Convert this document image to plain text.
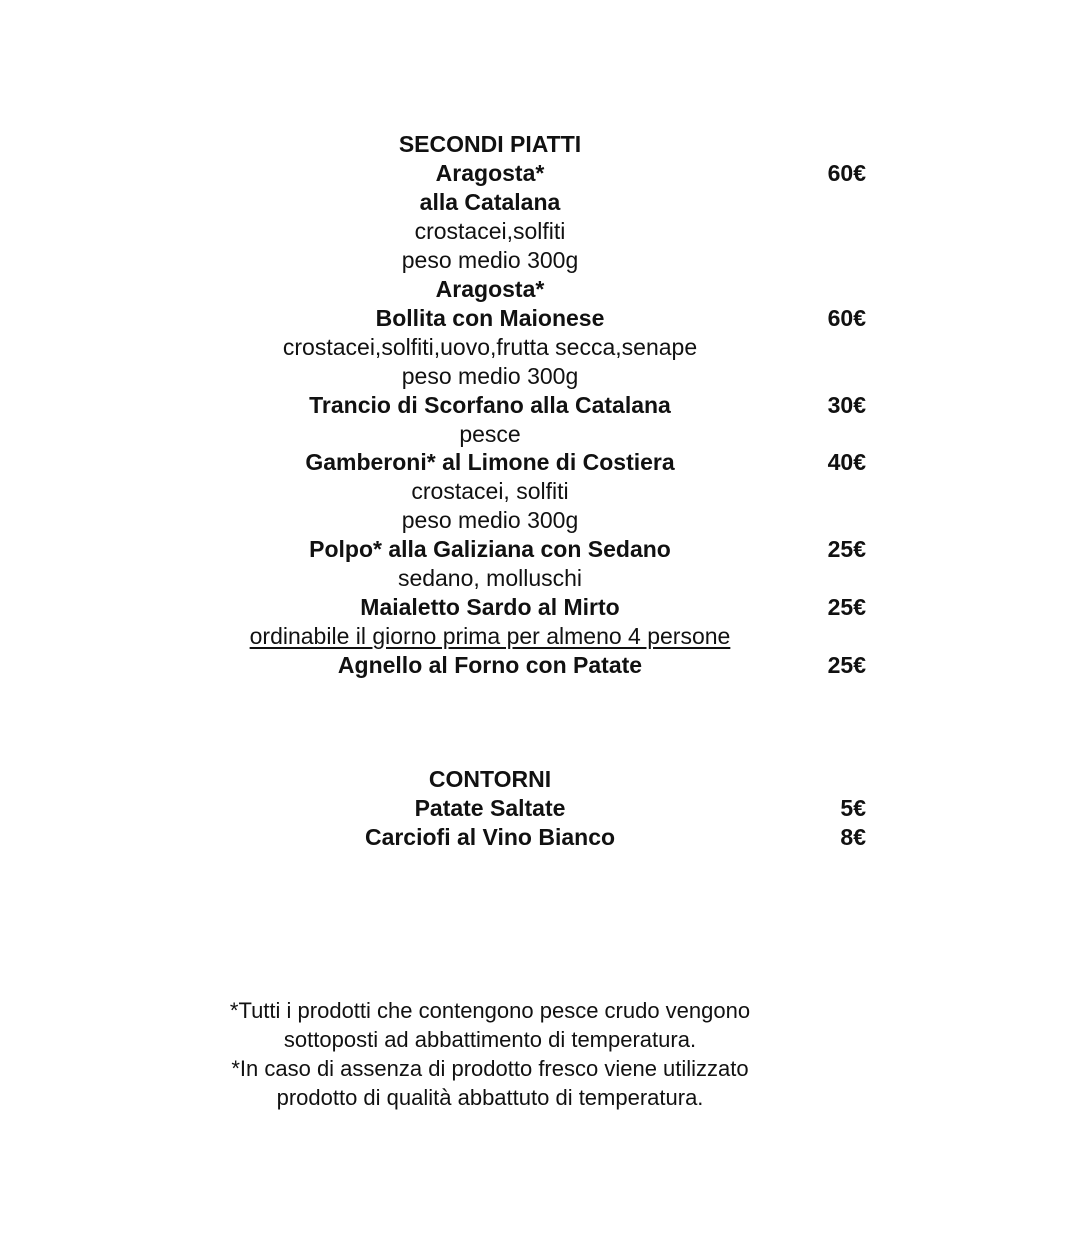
SECONDI PIATTI
Aragosta*	60€
alla Catalana
crostacei,solfiti
peso medio 300g
Aragosta*
Bollita con Maionese	60€
crostacei,solfiti,uovo,frutta secca,senape
peso medio 300g
Trancio di Scorfano alla Catalana	30€
pesce
Gamberoni* al Limone di Costiera	40€
crostacei, solfiti
peso medio 300g
Polpo* alla Galiziana con Sedano	25€
sedano, molluschi
Maialetto Sardo al Mirto	25€
ordinabile il giorno prima per almeno 4 persone
Agnello al Forno con Patate	25€
CONTORNI
Patate Saltate	5€
Carciofi al Vino Bianco	8€
*Tutti i prodotti che contengono pesce crudo vengono
sottoposti ad abbattimento di temperatura.
*In caso di assenza di prodotto fresco viene utilizzato
prodotto di qualità abbattuto di temperatura.
